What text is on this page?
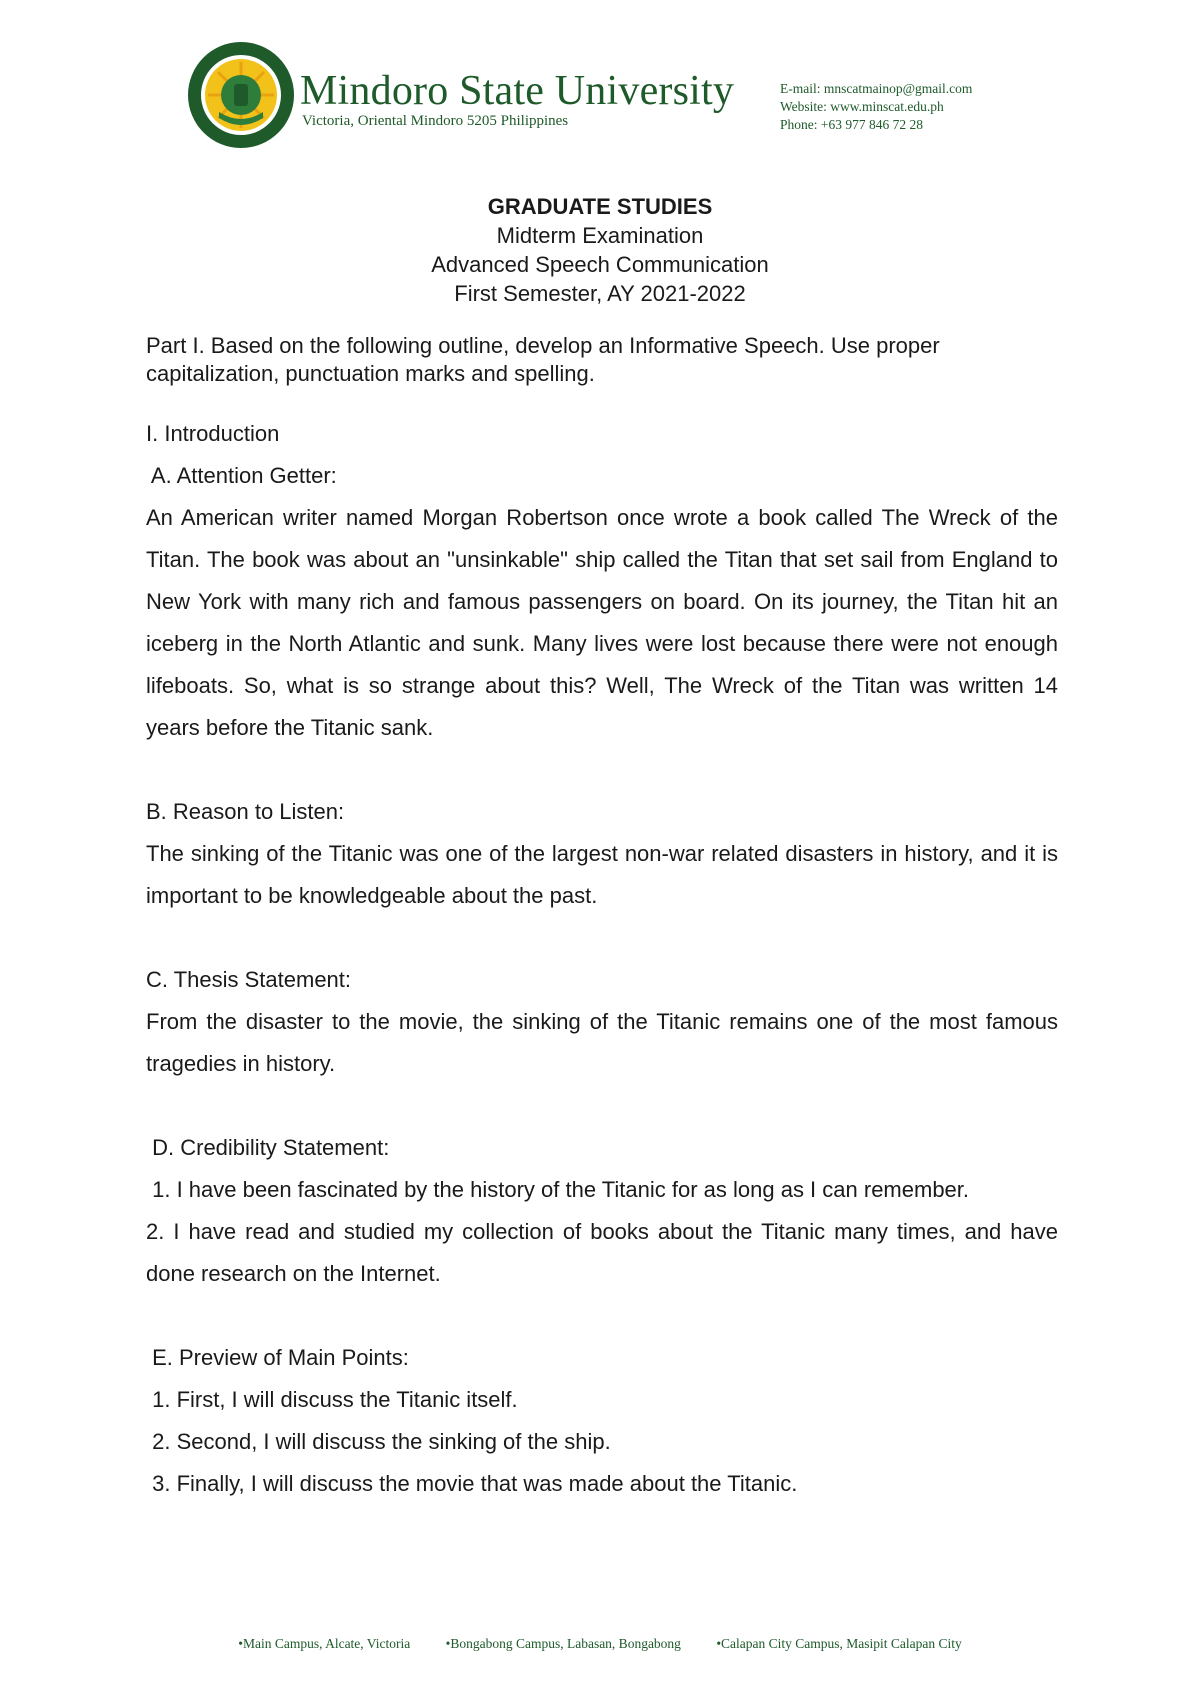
Mindoro State University
Victoria, Oriental Mindoro 5205 Philippines
E-mail: mnscatmainop@gmail.com
Website: www.minscat.edu.ph
Phone: +63 977 846 72 28
GRADUATE STUDIES
Midterm Examination
Advanced Speech Communication
First Semester, AY 2021-2022

Part I. Based on the following outline, develop an Informative Speech. Use proper capitalization, punctuation marks and spelling.

I. Introduction
A. Attention Getter:

An American writer named Morgan Robertson once wrote a book called The Wreck of the Titan. The book was about an "unsinkable" ship called the Titan that set sail from England to New York with many rich and famous passengers on board. On its journey, the Titan hit an iceberg in the North Atlantic and sunk. Many lives were lost because there were not enough lifeboats. So, what is so strange about this? Well, The Wreck of the Titan was written 14 years before the Titanic sank.

B. Reason to Listen:

The sinking of the Titanic was one of the largest non-war related disasters in history, and it is important to be knowledgeable about the past.

C. Thesis Statement:

From the disaster to the movie, the sinking of the Titanic remains one of the most famous tragedies in history.

D. Credibility Statement:
1. I have been fascinated by the history of the Titanic for as long as I can remember.

2. I have read and studied my collection of books about the Titanic many times, and have done research on the Internet.

E. Preview of Main Points:
1. First, I will discuss the Titanic itself.
2. Second, I will discuss the sinking of the ship.
3. Finally, I will discuss the movie that was made about the Titanic.
•Main Campus, Alcate, Victoria	•Bongabong Campus, Labasan, Bongabong	•Calapan City Campus, Masipit Calapan City
